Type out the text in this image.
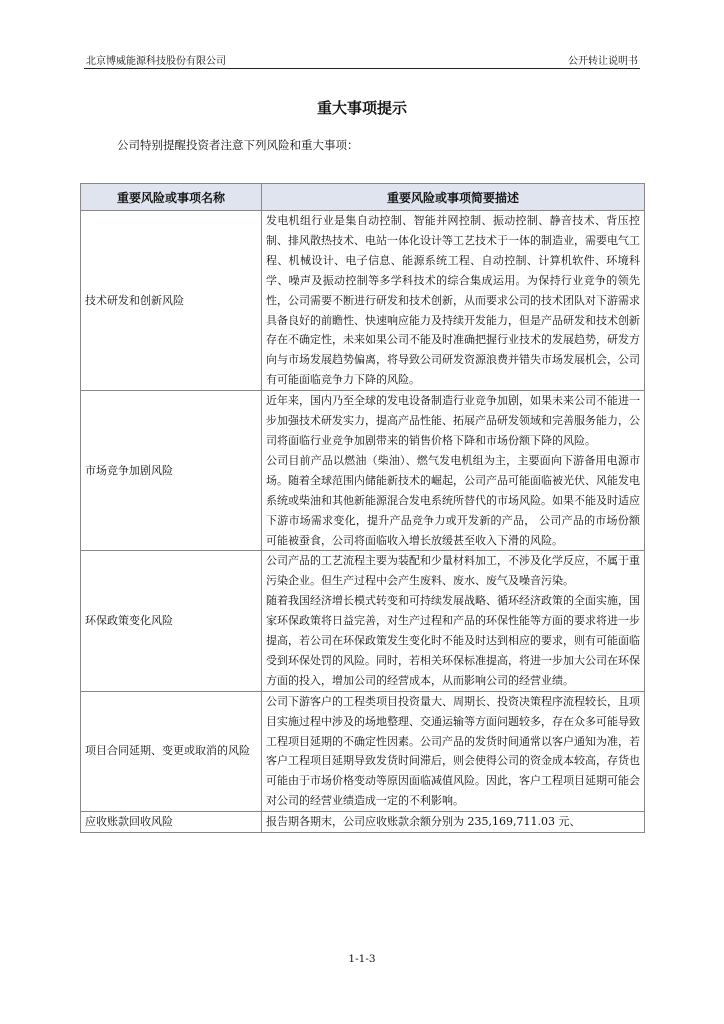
北京博威能源科技股份有限公司	公开转让说明书
重大事项提示
公司特别提醒投资者注意下列风险和重大事项：
重要风险或事项名称	重要风险或事项简要描述
技术研发和创新风险	发电机组行业是集自动控制、智能并网控制、振动控制、静音技术、背压控制、排风散热技术、电站一体化设计等工艺技术于一体的制造业，需要电气工程、机械设计、电子信息、能源系统工程、自动控制、计算机软件、环境科学、噪声及振动控制等多学科技术的综合集成运用。为保持行业竞争的领先性，公司需要不断进行研发和技术创新，从而要求公司的技术团队对下游需求具备良好的前瞻性、快速响应能力及持续开发能力，但是产品研发和技术创新存在不确定性，未来如果公司不能及时准确把握行业技术的发展趋势，研发方向与市场发展趋势偏离，将导致公司研发资源浪费并错失市场发展机会，公司有可能面临竞争力下降的风险。

市场竞争加剧风险	近年来，国内乃至全球的发电设备制造行业竞争加剧，如果未来公司不能进一步加强技术研发实力，提高产品性能、拓展产品研发领域和完善服务能力，公司将面临行业竞争加剧带来的销售价格下降和市场份额下降的风险。

公司目前产品以燃油（柴油）、燃气发电机组为主，主要面向下游备用电源市场。随着全球范围内储能新技术的崛起，公司产品可能面临被光伏、风能发电系统或柴油和其他新能源混合发电系统所替代的市场风险。如果不能及时适应下游市场需求变化，提升产品竞争力或开发新的产品， 公司产品的市场份额可能被蚕食，公司将面临收入增长放缓甚至收入下滑的风险。

环保政策变化风险	公司产品的工艺流程主要为装配和少量材料加工，不涉及化学反应，不属于重污染企业。但生产过程中会产生废料、废水、废气及噪音污染。

随着我国经济增长模式转变和可持续发展战略、循环经济政策的全面实施，国家环保政策将日益完善，对生产过程和产品的环保性能等方面的要求将进一步提高，若公司在环保政策发生变化时不能及时达到相应的要求，则有可能面临受到环保处罚的风险。同时，若相关环保标准提高，将进一步加大公司在环保方面的投入，增加公司的经营成本，从而影响公司的经营业绩。

项目合同延期、变更或取消的风险	公司下游客户的工程类项目投资量大、周期长、投资决策程序流程较长，且项目实施过程中涉及的场地整理、交通运输等方面问题较多，存在众多可能导致工程项目延期的不确定性因素。公司产品的发货时间通常以客户通知为准，若客户工程项目延期导致发货时间滞后，则会使得公司的资金成本较高，存货也可能由于市场价格变动等原因面临减值风险。因此，客户工程项目延期可能会对公司的经营业绩造成一定的不利影响。

应收账款回收风险	报告期各期末，公司应收账款余额分别为 235,169,711.03 元、

1-1-3
